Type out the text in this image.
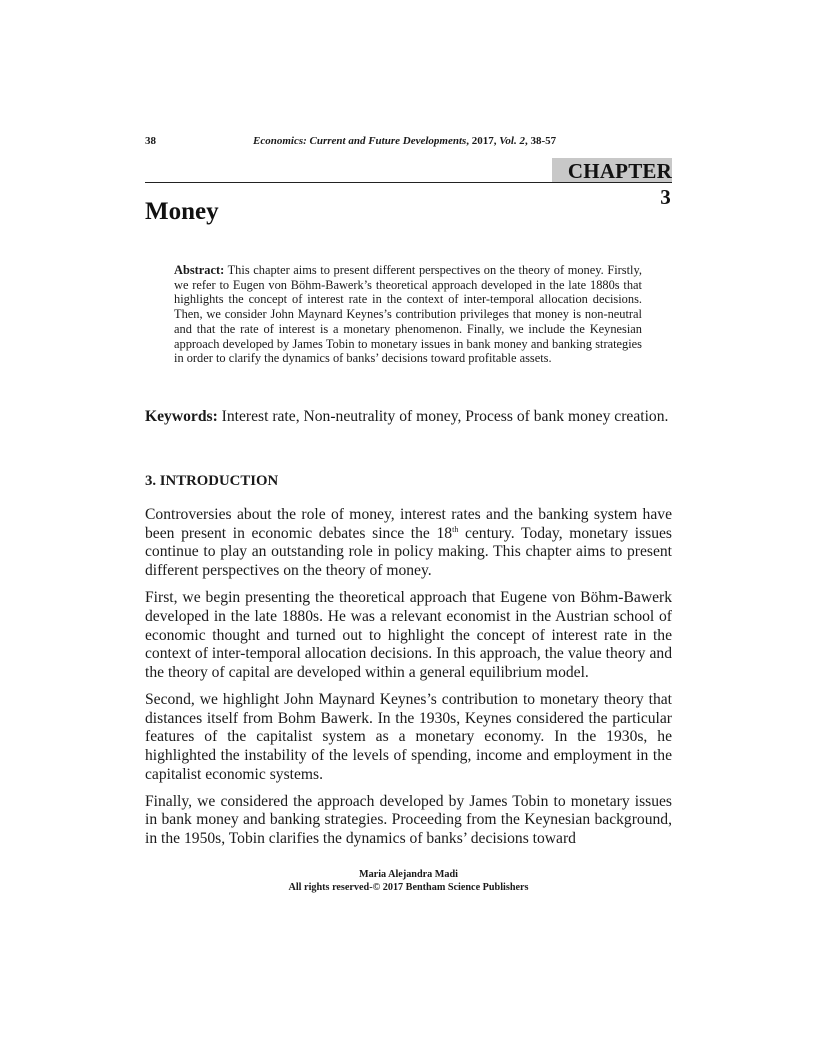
38	Economics: Current and Future Developments, 2017, Vol. 2, 38-57
CHAPTER 3
Money

Abstract: This chapter aims to present different perspectives on the theory of money. Firstly, we refer to Eugen von Böhm-Bawerk’s theoretical approach developed in the late 1880s that highlights the concept of interest rate in the context of inter-temporal allocation decisions. Then, we consider John Maynard Keynes’s contribution privileges that money is non-neutral and that the rate of interest is a monetary phenomenon. Finally, we include the Keynesian approach developed by James Tobin to monetary issues in bank money and banking strategies in order to clarify the dynamics of banks’ decisions toward profitable assets.

Keywords: Interest rate, Non-neutrality of money, Process of bank money creation.

3. INTRODUCTION

Controversies about the role of money, interest rates and the banking system have been present in economic debates since the 18th century. Today, monetary issues continue to play an outstanding role in policy making. This chapter aims to present different perspectives on the theory of money.

First, we begin presenting the theoretical approach that Eugene von Böhm-Bawerk developed in the late 1880s. He was a relevant economist in the Austrian school of economic thought and turned out to highlight the concept of interest rate in the context of inter-temporal allocation decisions. In this approach, the value theory and the theory of capital are developed within a general equilibrium model.

Second, we highlight John Maynard Keynes’s contribution to monetary theory that distances itself from Bohm Bawerk. In the 1930s, Keynes considered the particular features of the capitalist system as a monetary economy. In the 1930s, he highlighted the instability of the levels of spending, income and employment in the capitalist economic systems.

Finally, we considered the approach developed by James Tobin to monetary issues in bank money and banking strategies. Proceeding from the Keynesian background, in the 1950s, Tobin clarifies the dynamics of banks’ decisions toward

Maria Alejandra Madi
All rights reserved-© 2017 Bentham Science Publishers
